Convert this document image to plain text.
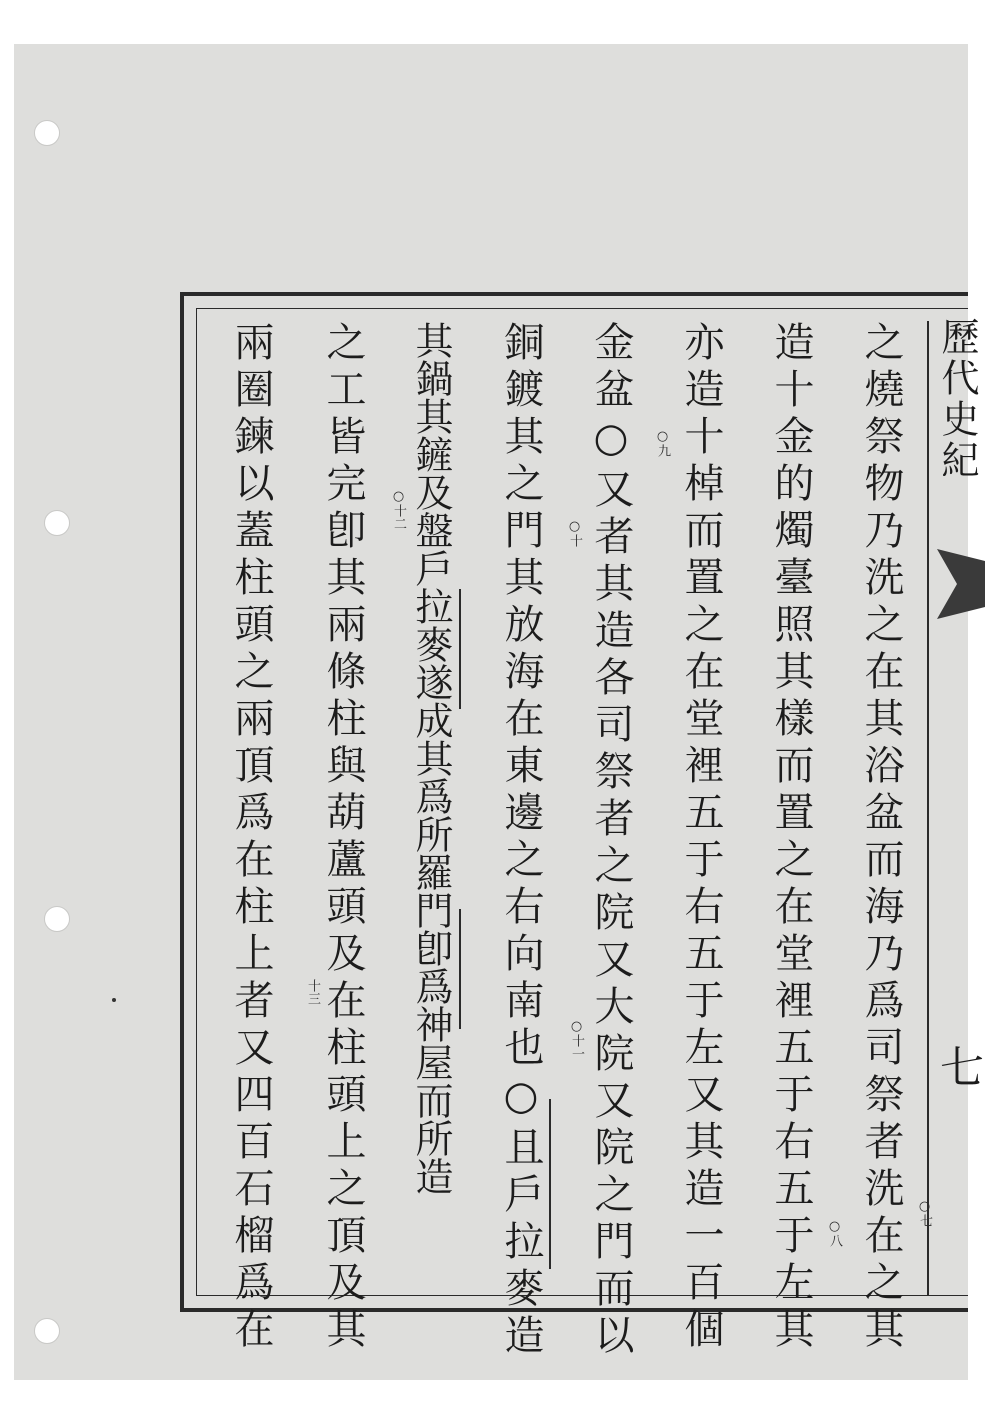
歷代史紀
七
之燒祭物乃洗之在其浴盆而海乃爲司祭者洗在之其
造十金的燭臺照其樣而置之在堂裡五于右五于左其
亦造十棹而置之在堂裡五于右五于左又其造一百個
金盆○又者其造各司祭者之院又大院又院之門而以
銅鍍其之門其放海在東邊之右向南也○且戶拉麥造
其鍋其鏟及盤戶拉麥遂成其爲所羅門卽爲神屋而所造
之工皆完卽其兩條柱與葫蘆頭及在柱頭上之頂及其
兩圈鍊以蓋柱頭之兩頂爲在柱上者又四百石榴爲在	○七
○八
○九
○十
○十一
○十二
十三
